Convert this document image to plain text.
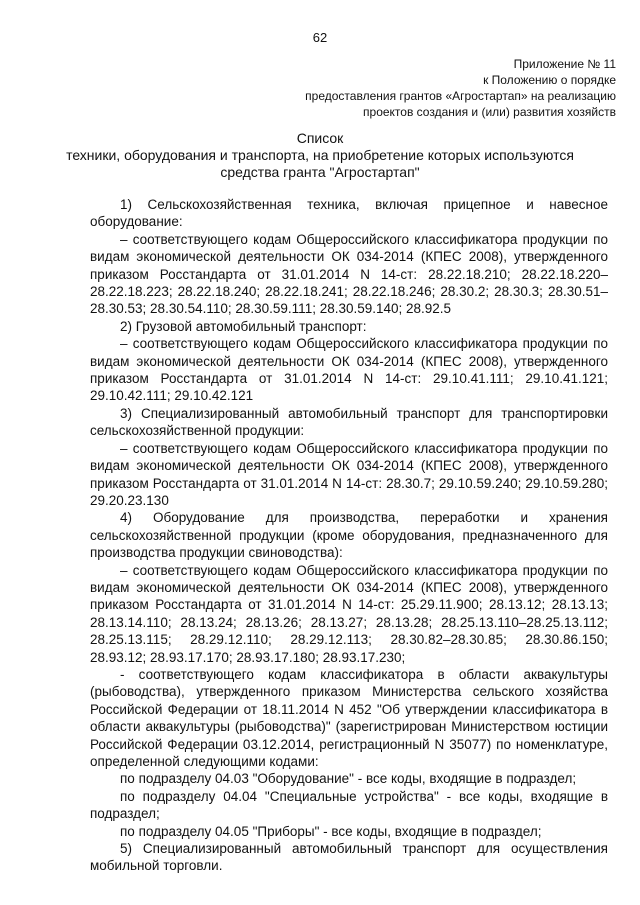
62
Приложение № 11
к Положению о порядке
предоставления грантов «Агростартап» на реализацию
проектов создания и (или) развития хозяйств
Список
техники, оборудования и транспорта, на приобретение которых используются
средства гранта "Агростартап"

1) Сельскохозяйственная техника, включая прицепное и навесное оборудование:

– соответствующего кодам Общероссийского классификатора продукции по видам экономической деятельности ОК 034-2014 (КПЕС 2008), утвержденного приказом Росстандарта от 31.01.2014 N 14-ст: 28.22.18.210; 28.22.18.220–28.22.18.223; 28.22.18.240; 28.22.18.241; 28.22.18.246; 28.30.2; 28.30.3; 28.30.51–28.30.53; 28.30.54.110; 28.30.59.111; 28.30.59.140; 28.92.5

2) Грузовой автомобильный транспорт:

– соответствующего кодам Общероссийского классификатора продукции по видам экономической деятельности ОК 034-2014 (КПЕС 2008), утвержденного приказом Росстандарта от 31.01.2014 N 14-ст: 29.10.41.111; 29.10.41.121; 29.10.42.111; 29.10.42.121

3) Специализированный автомобильный транспорт для транспортировки сельскохозяйственной продукции:

– соответствующего кодам Общероссийского классификатора продукции по видам экономической деятельности ОК 034-2014 (КПЕС 2008), утвержденного приказом Росстандарта от 31.01.2014 N 14-ст: 28.30.7; 29.10.59.240; 29.10.59.280; 29.20.23.130

4) Оборудование для производства, переработки и хранения сельскохозяйственной продукции (кроме оборудования, предназначенного для производства продукции свиноводства):

– соответствующего кодам Общероссийского классификатора продукции по видам экономической деятельности ОК 034-2014 (КПЕС 2008), утвержденного приказом Росстандарта от 31.01.2014 N 14-ст: 25.29.11.900; 28.13.12; 28.13.13; 28.13.14.110; 28.13.24; 28.13.26; 28.13.27; 28.13.28; 28.25.13.110–28.25.13.112; 28.25.13.115; 28.29.12.110; 28.29.12.113; 28.30.82–28.30.85; 28.30.86.150; 28.93.12; 28.93.17.170; 28.93.17.180; 28.93.17.230;

- соответствующего кодам классификатора в области аквакультуры (рыбоводства), утвержденного приказом Министерства сельского хозяйства Российской Федерации от 18.11.2014 N 452 "Об утверждении классификатора в области аквакультуры (рыбоводства)" (зарегистрирован Министерством юстиции Российской Федерации 03.12.2014, регистрационный N 35077) по номенклатуре, определенной следующими кодами:

по подразделу 04.03 "Оборудование" - все коды, входящие в подраздел;

по подразделу 04.04 "Специальные устройства" - все коды, входящие в подраздел;

по подразделу 04.05 "Приборы" - все коды, входящие в подраздел;

5) Специализированный автомобильный транспорт для осуществления мобильной торговли.
